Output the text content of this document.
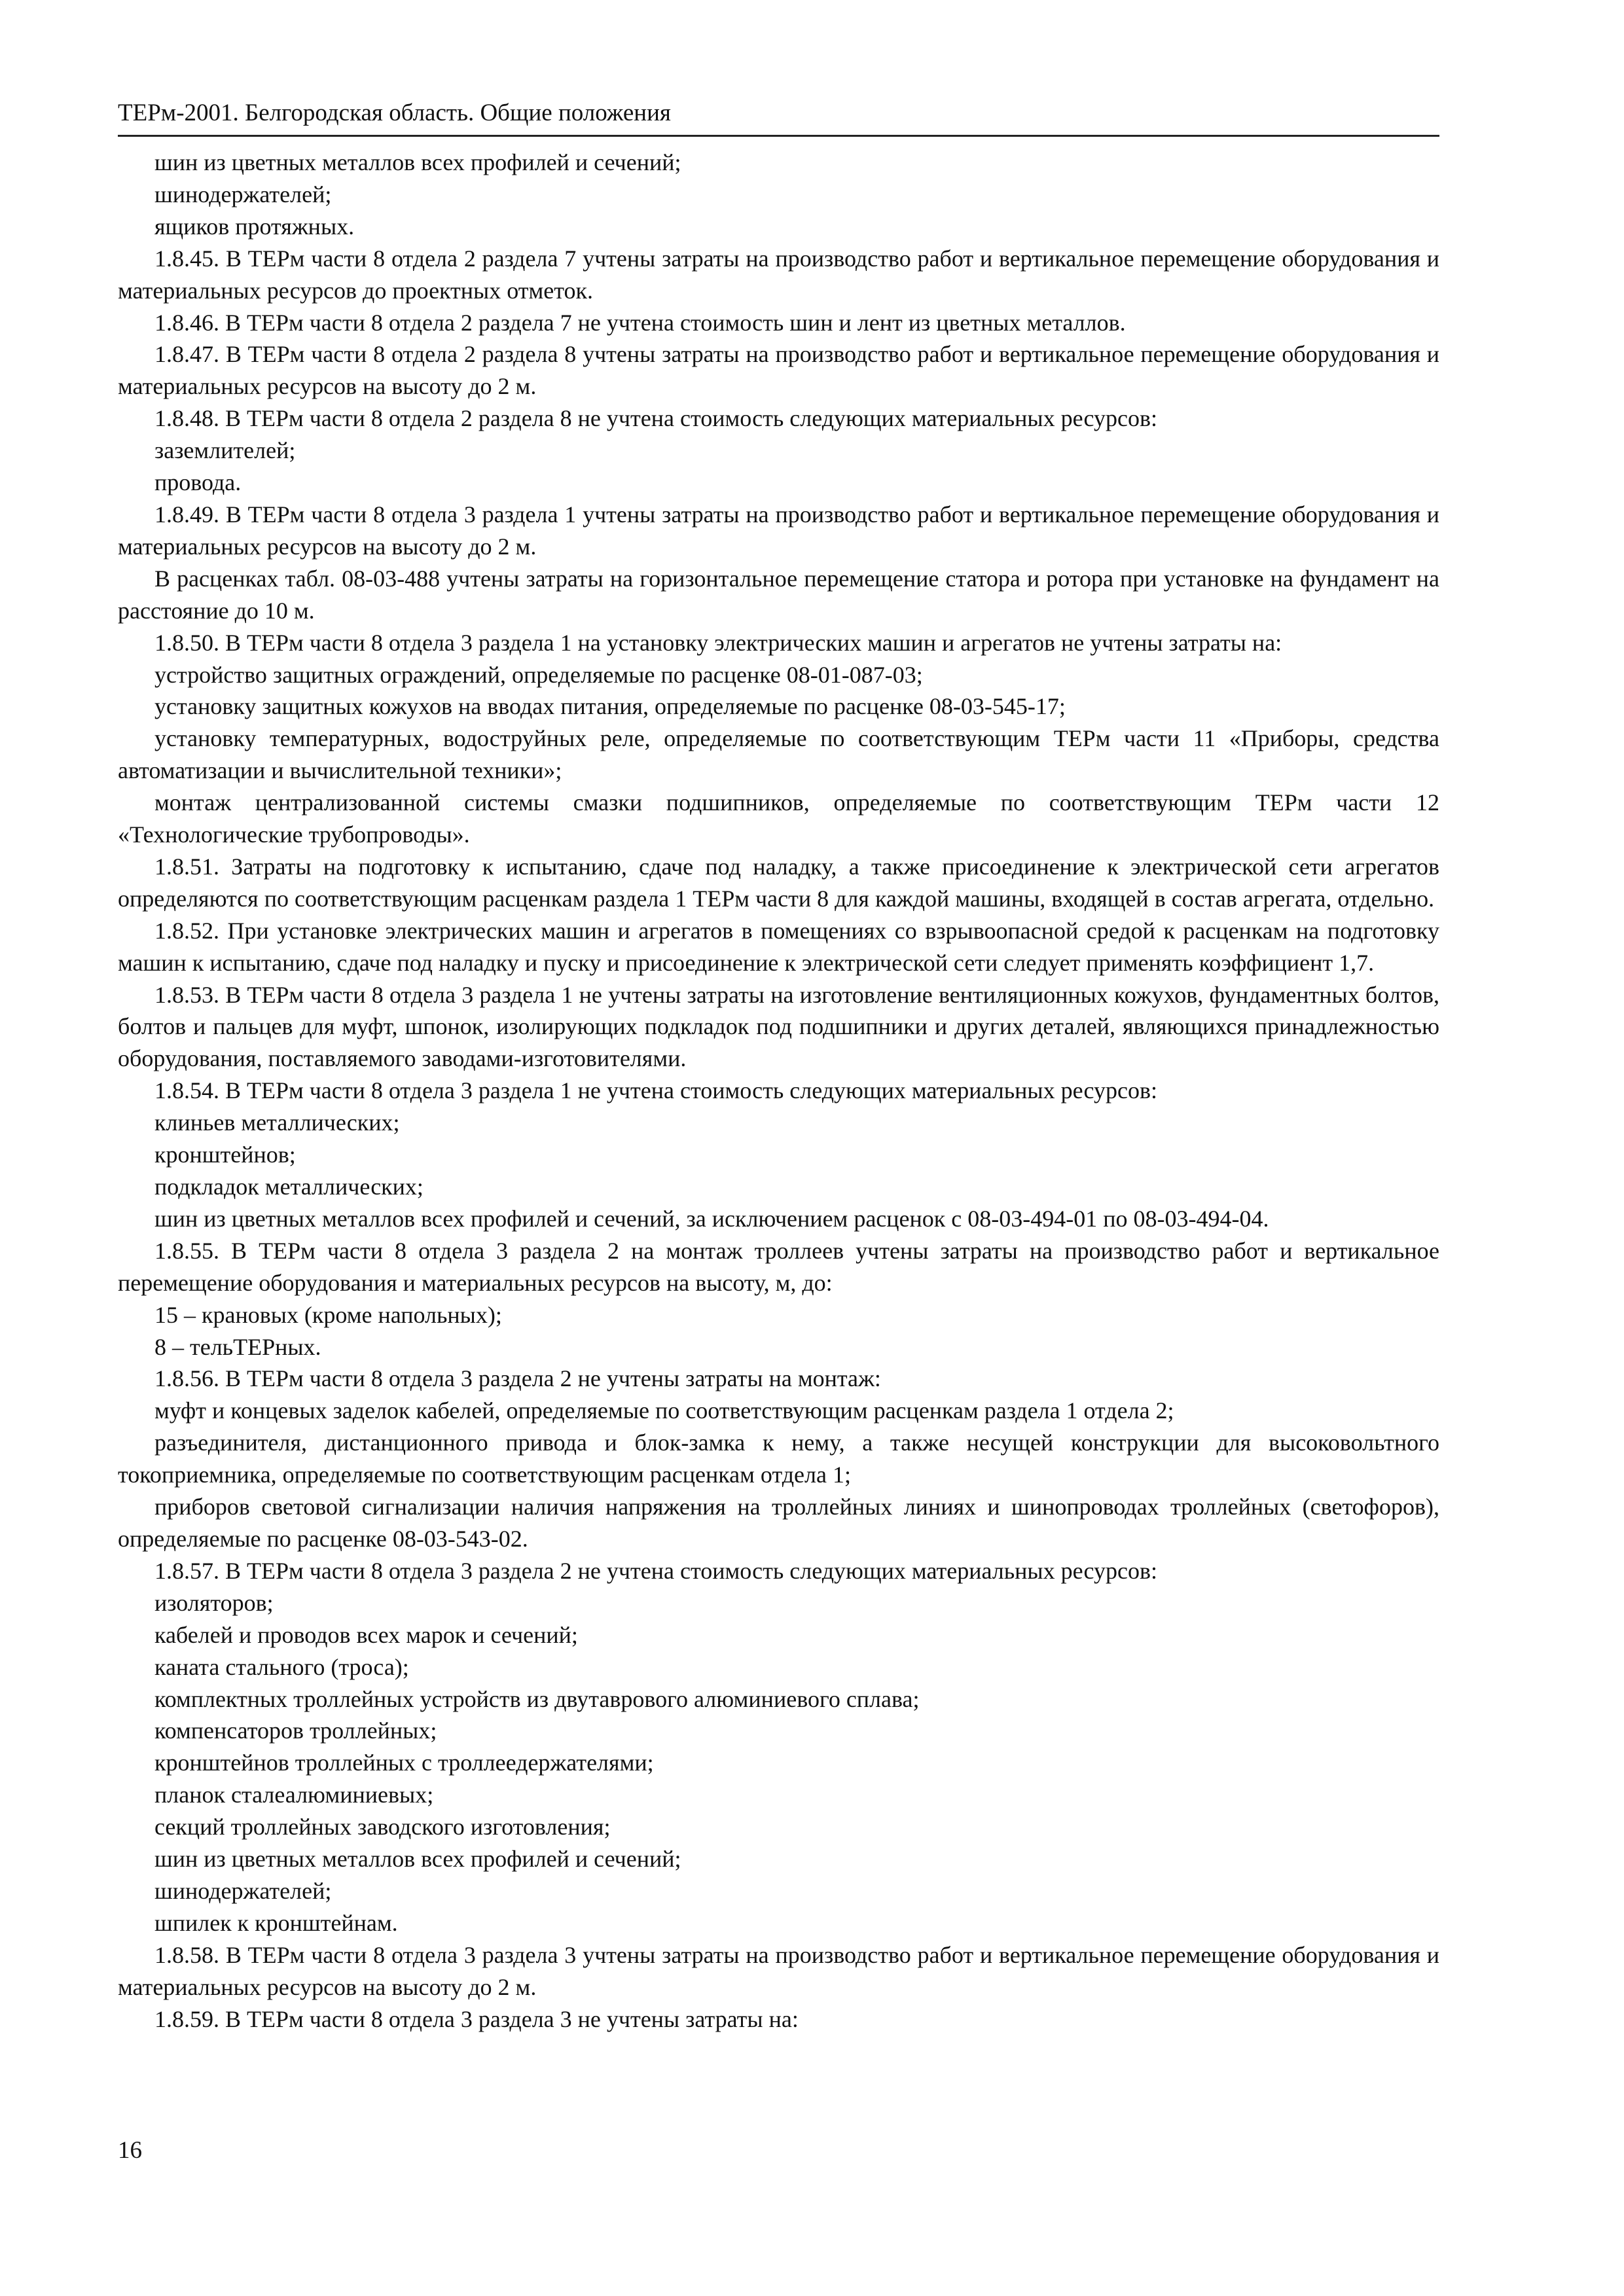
ТЕРм-2001. Белгородская область. Общие положения

шин из цветных металлов всех профилей и сечений;

шинодержателей;

ящиков протяжных.

1.8.45. В ТЕРм части 8 отдела 2 раздела 7 учтены затраты на производство работ и вертикальное перемещение оборудования и материальных ресурсов до проектных отметок.

1.8.46. В ТЕРм части 8 отдела 2 раздела 7 не учтена стоимость шин и лент из цветных металлов.

1.8.47. В ТЕРм части 8 отдела 2 раздела 8 учтены затраты на производство работ и вертикальное перемещение оборудования и материальных ресурсов на высоту до 2 м.

1.8.48. В ТЕРм части 8 отдела 2 раздела 8 не учтена стоимость следующих материальных ресурсов:

заземлителей;

провода.

1.8.49. В ТЕРм части 8 отдела 3 раздела 1 учтены затраты на производство работ и вертикальное перемещение оборудования и материальных ресурсов на высоту до 2 м.

В расценках табл. 08-03-488 учтены затраты на горизонтальное перемещение статора и ротора при установке на фундамент на расстояние до 10 м.

1.8.50. В ТЕРм части 8 отдела 3 раздела 1 на установку электрических машин и агрегатов не учтены затраты на:

устройство защитных ограждений, определяемые по расценке 08-01-087-03;

установку защитных кожухов на вводах питания, определяемые по расценке 08-03-545-17;

установку температурных, водоструйных реле, определяемые по соответствующим ТЕРм части 11 «Приборы, средства автоматизации и вычислительной техники»;

монтаж централизованной системы смазки подшипников, определяемые по соответствующим ТЕРм части 12 «Технологические трубопроводы».

1.8.51. Затраты на подготовку к испытанию, сдаче под наладку, а также присоединение к электрической сети агрегатов определяются по соответствующим расценкам раздела 1 ТЕРм части 8 для каждой машины, входящей в состав агрегата, отдельно.

1.8.52. При установке электрических машин и агрегатов в помещениях со взрывоопасной средой к расценкам на подготовку машин к испытанию, сдаче под наладку и пуску и присоединение к электрической сети следует применять коэффициент 1,7.

1.8.53. В ТЕРм части 8 отдела 3 раздела 1 не учтены затраты на изготовление вентиляционных кожухов, фундаментных болтов, болтов и пальцев для муфт, шпонок, изолирующих подкладок под подшипники и других деталей, являющихся принадлежностью оборудования, поставляемого заводами-изготовителями.

1.8.54. В ТЕРм части 8 отдела 3 раздела 1 не учтена стоимость следующих материальных ресурсов:

клиньев металлических;

кронштейнов;

подкладок металлических;

шин из цветных металлов всех профилей и сечений, за исключением расценок с 08-03-494-01 по 08-03-494-04.

1.8.55. В ТЕРм части 8 отдела 3 раздела 2 на монтаж троллеев учтены затраты на производство работ и вертикальное перемещение оборудования и материальных ресурсов на высоту, м, до:

15 – крановых (кроме напольных);

8 – тельТЕРных.

1.8.56. В ТЕРм части 8 отдела 3 раздела 2 не учтены затраты на монтаж:

муфт и концевых заделок кабелей, определяемые по соответствующим расценкам раздела 1 отдела 2;

разъединителя, дистанционного привода и блок-замка к нему, а также несущей конструкции для высоковольтного токоприемника, определяемые по соответствующим расценкам отдела 1;

приборов световой сигнализации наличия напряжения на троллейных линиях и шинопроводах троллейных (светофоров), определяемые по расценке 08-03-543-02.

1.8.57. В ТЕРм части 8 отдела 3 раздела 2 не учтена стоимость следующих материальных ресурсов:

изоляторов;

кабелей и проводов всех марок и сечений;

каната стального (троса);

комплектных троллейных устройств из двутаврового алюминиевого сплава;

компенсаторов троллейных;

кронштейнов троллейных с троллеедержателями;

планок сталеалюминиевых;

секций троллейных заводского изготовления;

шин из цветных металлов всех профилей и сечений;

шинодержателей;

шпилек к кронштейнам.

1.8.58. В ТЕРм части 8 отдела 3 раздела 3 учтены затраты на производство работ и вертикальное перемещение оборудования и материальных ресурсов на высоту до 2 м.

1.8.59. В ТЕРм части 8 отдела 3 раздела 3 не учтены затраты на:

16
